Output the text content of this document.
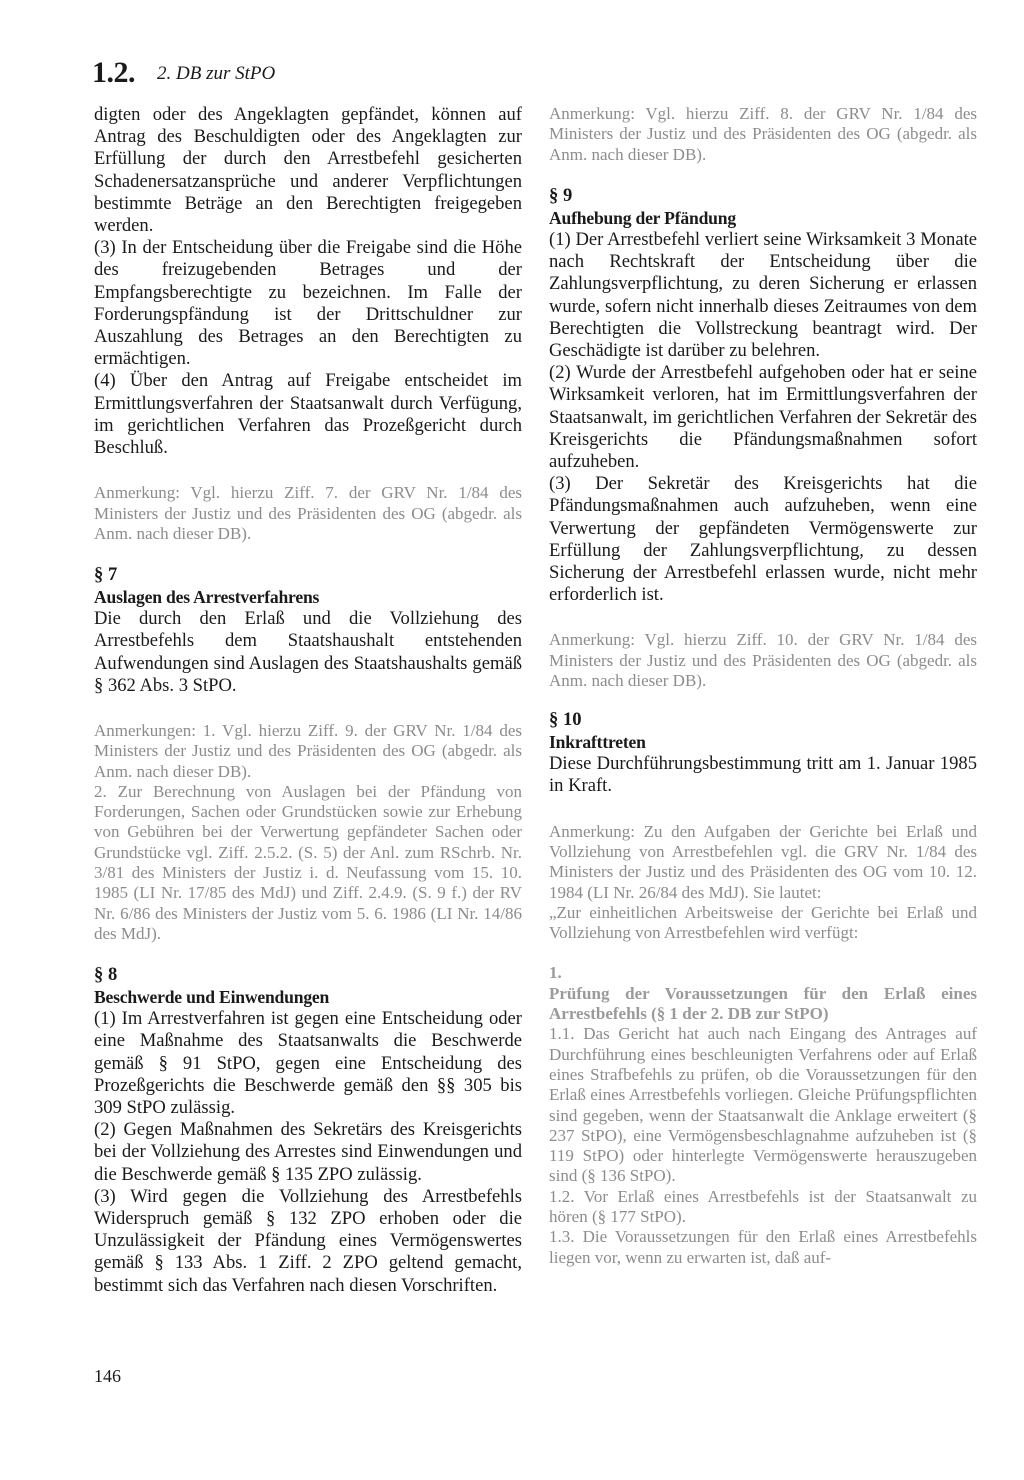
1.2. 2. DB zur StPO

digten oder des Angeklagten gepfändet, können auf Antrag des Beschuldigten oder des Angeklagten zur Erfüllung der durch den Arrestbefehl gesicherten Schadenersatzansprüche und anderer Verpflichtungen bestimmte Beträge an den Berechtigten freigegeben werden.

(3) In der Entscheidung über die Freigabe sind die Höhe des freizugebenden Betrages und der Empfangsberechtigte zu bezeichnen. Im Falle der Forderungspfändung ist der Drittschuldner zur Auszahlung des Betrages an den Berechtigten zu ermächtigen.

(4) Über den Antrag auf Freigabe entscheidet im Ermittlungsverfahren der Staatsanwalt durch Verfügung, im gerichtlichen Verfahren das Prozeßgericht durch Beschluß.

Anmerkung: Vgl. hierzu Ziff. 7. der GRV Nr. 1/84 des Ministers der Justiz und des Präsidenten des OG (abgedr. als Anm. nach dieser DB).

§ 7

Auslagen des Arrestverfahrens

Die durch den Erlaß und die Vollziehung des Arrestbefehls dem Staatshaushalt entstehenden Aufwendungen sind Auslagen des Staatshaushalts gemäß § 362 Abs. 3 StPO.

Anmerkungen: 1. Vgl. hierzu Ziff. 9. der GRV Nr. 1/84 des Ministers der Justiz und des Präsidenten des OG (abgedr. als Anm. nach dieser DB).

2. Zur Berechnung von Auslagen bei der Pfändung von Forderungen, Sachen oder Grundstücken sowie zur Erhebung von Gebühren bei der Verwertung gepfändeter Sachen oder Grundstücke vgl. Ziff. 2.5.2. (S. 5) der Anl. zum RSchrb. Nr. 3/81 des Ministers der Justiz i. d. Neufassung vom 15. 10. 1985 (LI Nr. 17/85 des MdJ) und Ziff. 2.4.9. (S. 9 f.) der RV Nr. 6/86 des Ministers der Justiz vom 5. 6. 1986 (LI Nr. 14/86 des MdJ).

§ 8

Beschwerde und Einwendungen

(1) Im Arrestverfahren ist gegen eine Entscheidung oder eine Maßnahme des Staatsanwalts die Beschwerde gemäß § 91 StPO, gegen eine Entscheidung des Prozeßgerichts die Beschwerde gemäß den §§ 305 bis 309 StPO zulässig.

(2) Gegen Maßnahmen des Sekretärs des Kreisgerichts bei der Vollziehung des Arrestes sind Einwendungen und die Beschwerde gemäß § 135 ZPO zulässig.

(3) Wird gegen die Vollziehung des Arrestbefehls Widerspruch gemäß § 132 ZPO erhoben oder die Unzulässigkeit der Pfändung eines Vermögenswertes gemäß § 133 Abs. 1 Ziff. 2 ZPO geltend gemacht, bestimmt sich das Verfahren nach diesen Vorschriften.

Anmerkung: Vgl. hierzu Ziff. 8. der GRV Nr. 1/84 des Ministers der Justiz und des Präsidenten des OG (abgedr. als Anm. nach dieser DB).

§ 9

Aufhebung der Pfändung

(1) Der Arrestbefehl verliert seine Wirksamkeit 3 Monate nach Rechtskraft der Entscheidung über die Zahlungsverpflichtung, zu deren Sicherung er erlassen wurde, sofern nicht innerhalb dieses Zeitraumes von dem Berechtigten die Vollstreckung beantragt wird. Der Geschädigte ist darüber zu belehren.

(2) Wurde der Arrestbefehl aufgehoben oder hat er seine Wirksamkeit verloren, hat im Ermittlungsverfahren der Staatsanwalt, im gerichtlichen Verfahren der Sekretär des Kreisgerichts die Pfändungsmaßnahmen sofort aufzuheben.

(3) Der Sekretär des Kreisgerichts hat die Pfändungsmaßnahmen auch aufzuheben, wenn eine Verwertung der gepfändeten Vermögenswerte zur Erfüllung der Zahlungsverpflichtung, zu dessen Sicherung der Arrestbefehl erlassen wurde, nicht mehr erforderlich ist.

Anmerkung: Vgl. hierzu Ziff. 10. der GRV Nr. 1/84 des Ministers der Justiz und des Präsidenten des OG (abgedr. als Anm. nach dieser DB).

§ 10

Inkrafttreten

Diese Durchführungsbestimmung tritt am 1. Januar 1985 in Kraft.

Anmerkung: Zu den Aufgaben der Gerichte bei Erlaß und Vollziehung von Arrestbefehlen vgl. die GRV Nr. 1/84 des Ministers der Justiz und des Präsidenten des OG vom 10. 12. 1984 (LI Nr. 26/84 des MdJ). Sie lautet:

„Zur einheitlichen Arbeitsweise der Gerichte bei Erlaß und Vollziehung von Arrestbefehlen wird verfügt:

1.

Prüfung der Voraussetzungen für den Erlaß eines Arrestbefehls (§ 1 der 2. DB zur StPO)

1.1. Das Gericht hat auch nach Eingang des Antrages auf Durchführung eines beschleunigten Verfahrens oder auf Erlaß eines Strafbefehls zu prüfen, ob die Voraussetzungen für den Erlaß eines Arrestbefehls vorliegen. Gleiche Prüfungspflichten sind gegeben, wenn der Staatsanwalt die Anklage erweitert (§ 237 StPO), eine Vermögensbeschlagnahme aufzuheben ist (§ 119 StPO) oder hinterlegte Vermögenswerte herauszugeben sind (§ 136 StPO).

1.2. Vor Erlaß eines Arrestbefehls ist der Staatsanwalt zu hören (§ 177 StPO).

1.3. Die Voraussetzungen für den Erlaß eines Arrestbefehls liegen vor, wenn zu erwarten ist, daß auf-

146
